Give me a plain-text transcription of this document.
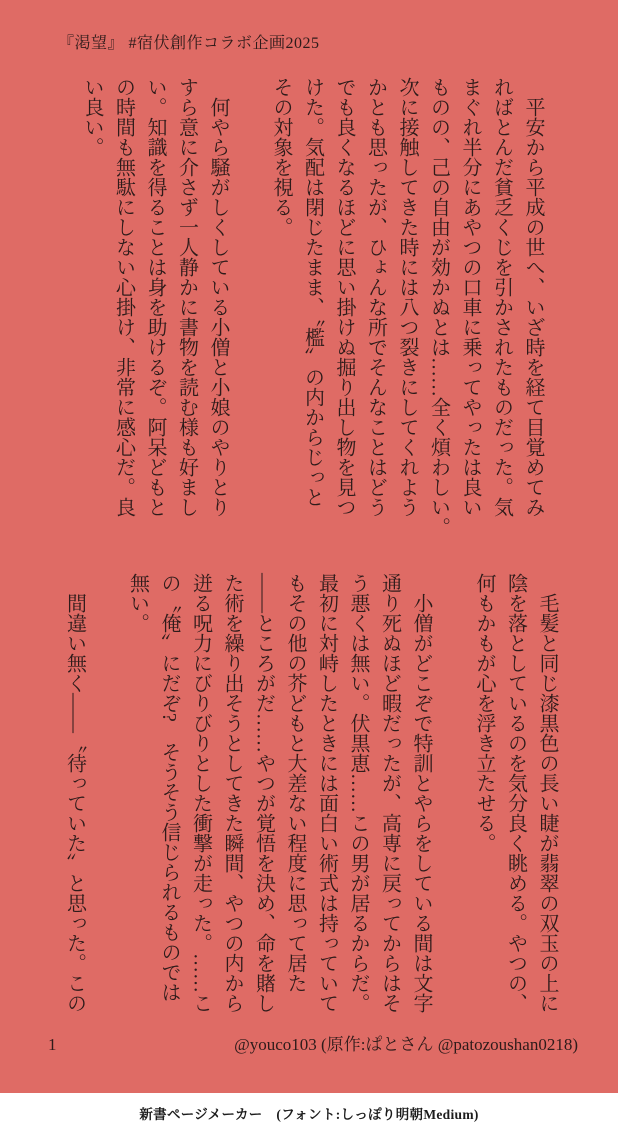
『渇望』 #宿伏創作コラボ企画2025
　平安から平成の世へ、いざ時を経て目覚めてみ
ればとんだ貧乏くじを引かされたものだった。気
まぐれ半分にあやつの口車に乗ってやったは良い
ものの、己の自由が効かぬとは……全く煩わしい。
次に接触してきた時には八つ裂きにしてくれよう
かとも思ったが、ひょんな所でそんなことはどう
でも良くなるほどに思い掛けぬ掘り出し物を見つ
けた。気配は閉じたまま、〝檻〟の内からじっと
その対象を視る。
　何やら騒がしくしている小僧と小娘のやりとり
すら意に介さず一人静かに書物を読む様も好まし
い。知識を得ることは身を助けるぞ。阿呆どもと
の時間も無駄にしない心掛け、非常に感心だ。良
い良い。
　毛髪と同じ漆黒色の長い睫が翡翠の双玉の上に
陰を落としているのを気分良く眺める。やつの、
何もかもが心を浮き立たせる。
　小僧がどこぞで特訓とやらをしている間は文字
通り死ぬほど暇だったが、高専に戻ってからはそ
う悪くは無い。伏黒恵……この男が居るからだ。
最初に対峙したときには面白い術式は持っていて
もその他の芥どもと大差ない程度に思って居た
――ところがだ……やつが覚悟を決め、命を賭し
た術を繰り出そうとしてきた瞬間、やつの内から
迸る呪力にびりびりとした衝撃が走った。……こ
の〝俺〟にだぞ?　そうそう信じられるものでは
無い。
　間違い無く――〝待っていた〟と思った。この
1	@youco103 (原作:ぱとさん @patozoushan0218)
新書ページメーカー　(フォント:しっぽり明朝Medium)
